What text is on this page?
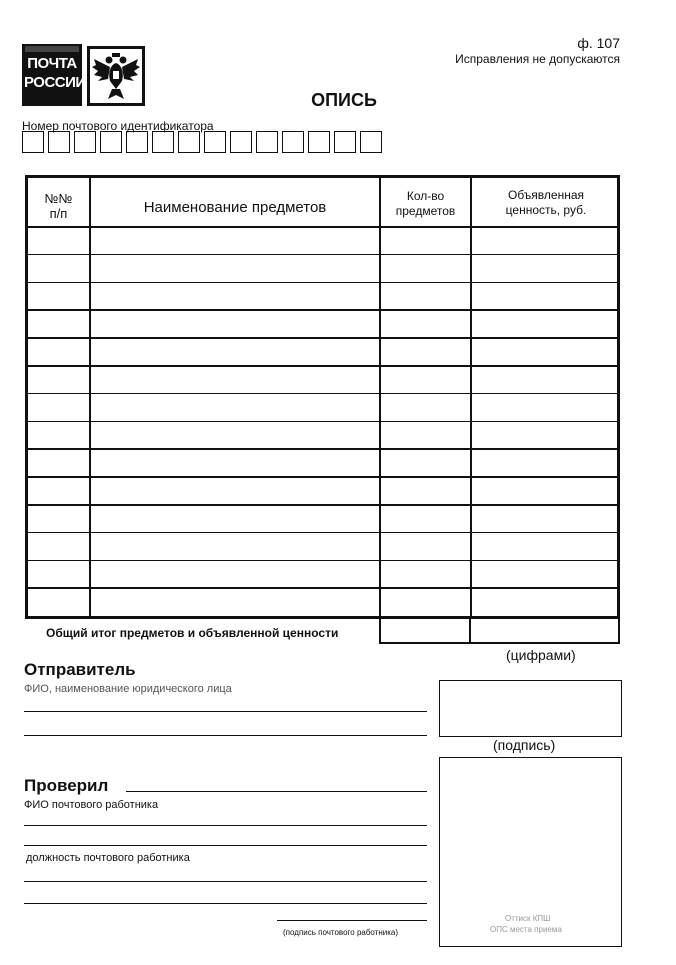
ПОЧТА
РОССИИ
ф. 107
Исправления не допускаются
ОПИСЬ
Номер почтового идентификатора
№№
п/п	Наименование предметов
Кол-во
предметов
Объявленная
ценность, руб.
Общий итог предметов и объявленной ценности
(цифрами)
Отправитель
ФИО, наименование юридического лица
(подпись)
Проверил
ФИО почтового работника
должность почтового работника
(подпись почтового работника)
Оттиск КПШ
ОПС места приема
